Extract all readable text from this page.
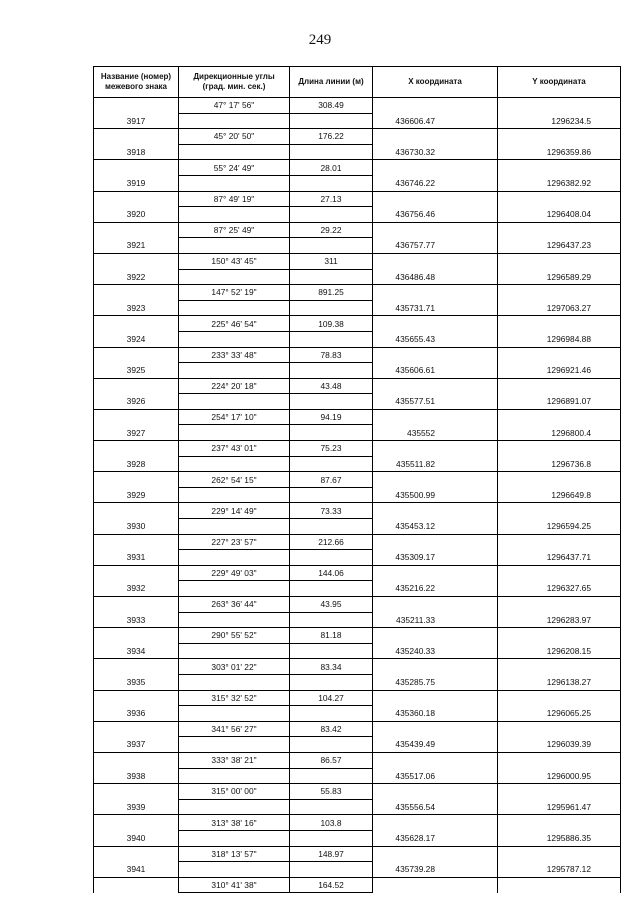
249
Название (номер) межевого знака	Дирекционные углы (град. мин. сек.)	Длина линии (м)	X координата	Y координата
	47° 17' 56"	308.49		
3917			436606.47	1296234.5
	45° 20' 50"	176.22		
3918			436730.32	1296359.86
	55° 24' 49"	28.01		
3919			436746.22	1296382.92
	87° 49' 19"	27.13		
3920			436756.46	1296408.04
	87° 25' 49"	29.22		
3921			436757.77	1296437.23
	150° 43' 45"	311		
3922			436486.48	1296589.29
	147° 52' 19"	891.25		
3923			435731.71	1297063.27
	225° 46' 54"	109.38		
3924			435655.43	1296984.88
	233° 33' 48"	78.83		
3925			435606.61	1296921.46
	224° 20' 18"	43.48		
3926			435577.51	1296891.07
	254° 17' 10"	94.19		
3927			435552	1296800.4
	237° 43' 01"	75.23		
3928			435511.82	1296736.8
	262° 54' 15"	87.67		
3929			435500.99	1296649.8
	229° 14' 49"	73.33		
3930			435453.12	1296594.25
	227° 23' 57"	212.66		
3931			435309.17	1296437.71
	229° 49' 03"	144.06		
3932			435216.22	1296327.65
	263° 36' 44"	43.95		
3933			435211.33	1296283.97
	290° 55' 52"	81.18		
3934			435240.33	1296208.15
	303° 01' 22"	83.34		
3935			435285.75	1296138.27
	315° 32' 52"	104.27		
3936			435360.18	1296065.25
	341° 56' 27"	83.42		
3937			435439.49	1296039.39
	333° 38' 21"	86.57		
3938			435517.06	1296000.95
	315° 00' 00"	55.83		
3939			435556.54	1295961.47
	313° 38' 16"	103.8		
3940			435628.17	1295886.35
	318° 13' 57"	148.97		
3941			435739.28	1295787.12
	310° 41' 38"	164.52		
